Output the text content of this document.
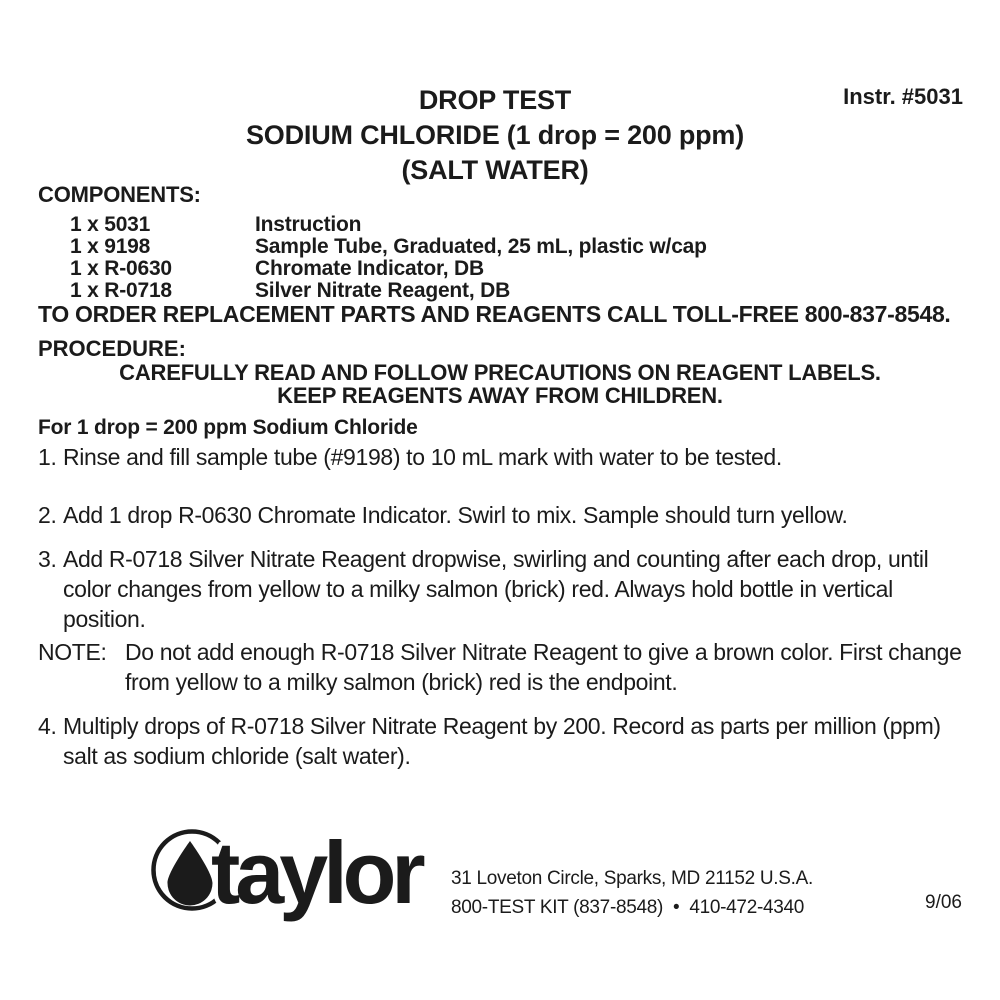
DROP TEST
SODIUM CHLORIDE (1 drop = 200 ppm)
(SALT WATER)
Instr. #5031
COMPONENTS:
1 x 5031	Instruction
1 x 9198	Sample Tube, Graduated, 25 mL, plastic w/cap
1 x R-0630	Chromate Indicator, DB
1 x R-0718	Silver Nitrate Reagent, DB
TO ORDER REPLACEMENT PARTS AND REAGENTS CALL TOLL-FREE 800-837-8548.
PROCEDURE:
CAREFULLY READ AND FOLLOW PRECAUTIONS ON REAGENT LABELS.
KEEP REAGENTS AWAY FROM CHILDREN.
For 1 drop = 200 ppm Sodium Chloride
1. Rinse and fill sample tube (#9198) to 10 mL mark with water to be tested.
2. Add 1 drop R-0630 Chromate Indicator. Swirl to mix. Sample should turn yellow.
3. Add R-0718 Silver Nitrate Reagent dropwise, swirling and counting after each drop, until color changes from yellow to a milky salmon (brick) red. Always hold bottle in vertical position.
NOTE: Do not add enough R-0718 Silver Nitrate Reagent to give a brown color. First change from yellow to a milky salmon (brick) red is the endpoint.
4. Multiply drops of R-0718 Silver Nitrate Reagent by 200. Record as parts per million (ppm) salt as sodium chloride (salt water).
taylor 31 Loveton Circle, Sparks, MD 21152 U.S.A.
800-TEST KIT (837-8548)  •  410-472-4340	9/06
